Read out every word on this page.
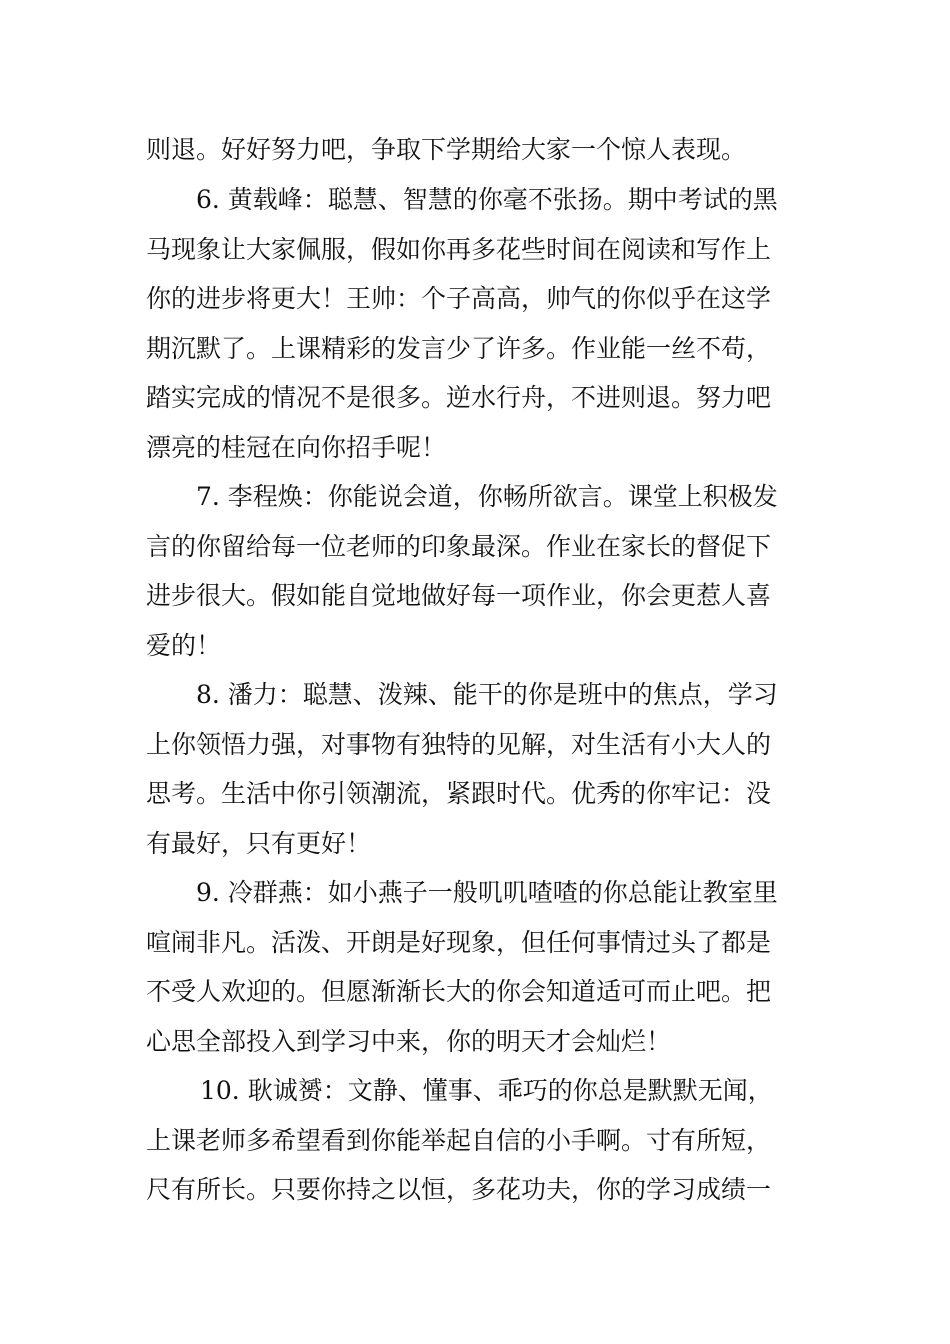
则退。好好努力吧，争取下学期给大家一个惊人表现。

6. 黄载峰：聪慧、智慧的你毫不张扬。期中考试的黑

马现象让大家佩服，假如你再多花些时间在阅读和写作上

你的进步将更大！王帅：个子高高，帅气的你似乎在这学

期沉默了。上课精彩的发言少了许多。作业能一丝不苟，

踏实完成的情况不是很多。逆水行舟，不进则退。努力吧

漂亮的桂冠在向你招手呢！

7. 李程焕：你能说会道，你畅所欲言。课堂上积极发

言的你留给每一位老师的印象最深。作业在家长的督促下

进步很大。假如能自觉地做好每一项作业，你会更惹人喜

爱的！

8. 潘力：聪慧、泼辣、能干的你是班中的焦点，学习

上你领悟力强，对事物有独特的见解，对生活有小大人的

思考。生活中你引领潮流，紧跟时代。优秀的你牢记：没

有最好，只有更好！

9. 冷群燕：如小燕子一般叽叽喳喳的你总能让教室里

喧闹非凡。活泼、开朗是好现象，但任何事情过头了都是

不受人欢迎的。但愿渐渐长大的你会知道适可而止吧。把

心思全部投入到学习中来，你的明天才会灿烂！

10. 耿诚赟：文静、懂事、乖巧的你总是默默无闻，

上课老师多希望看到你能举起自信的小手啊。寸有所短，

尺有所长。只要你持之以恒，多花功夫，你的学习成绩一
